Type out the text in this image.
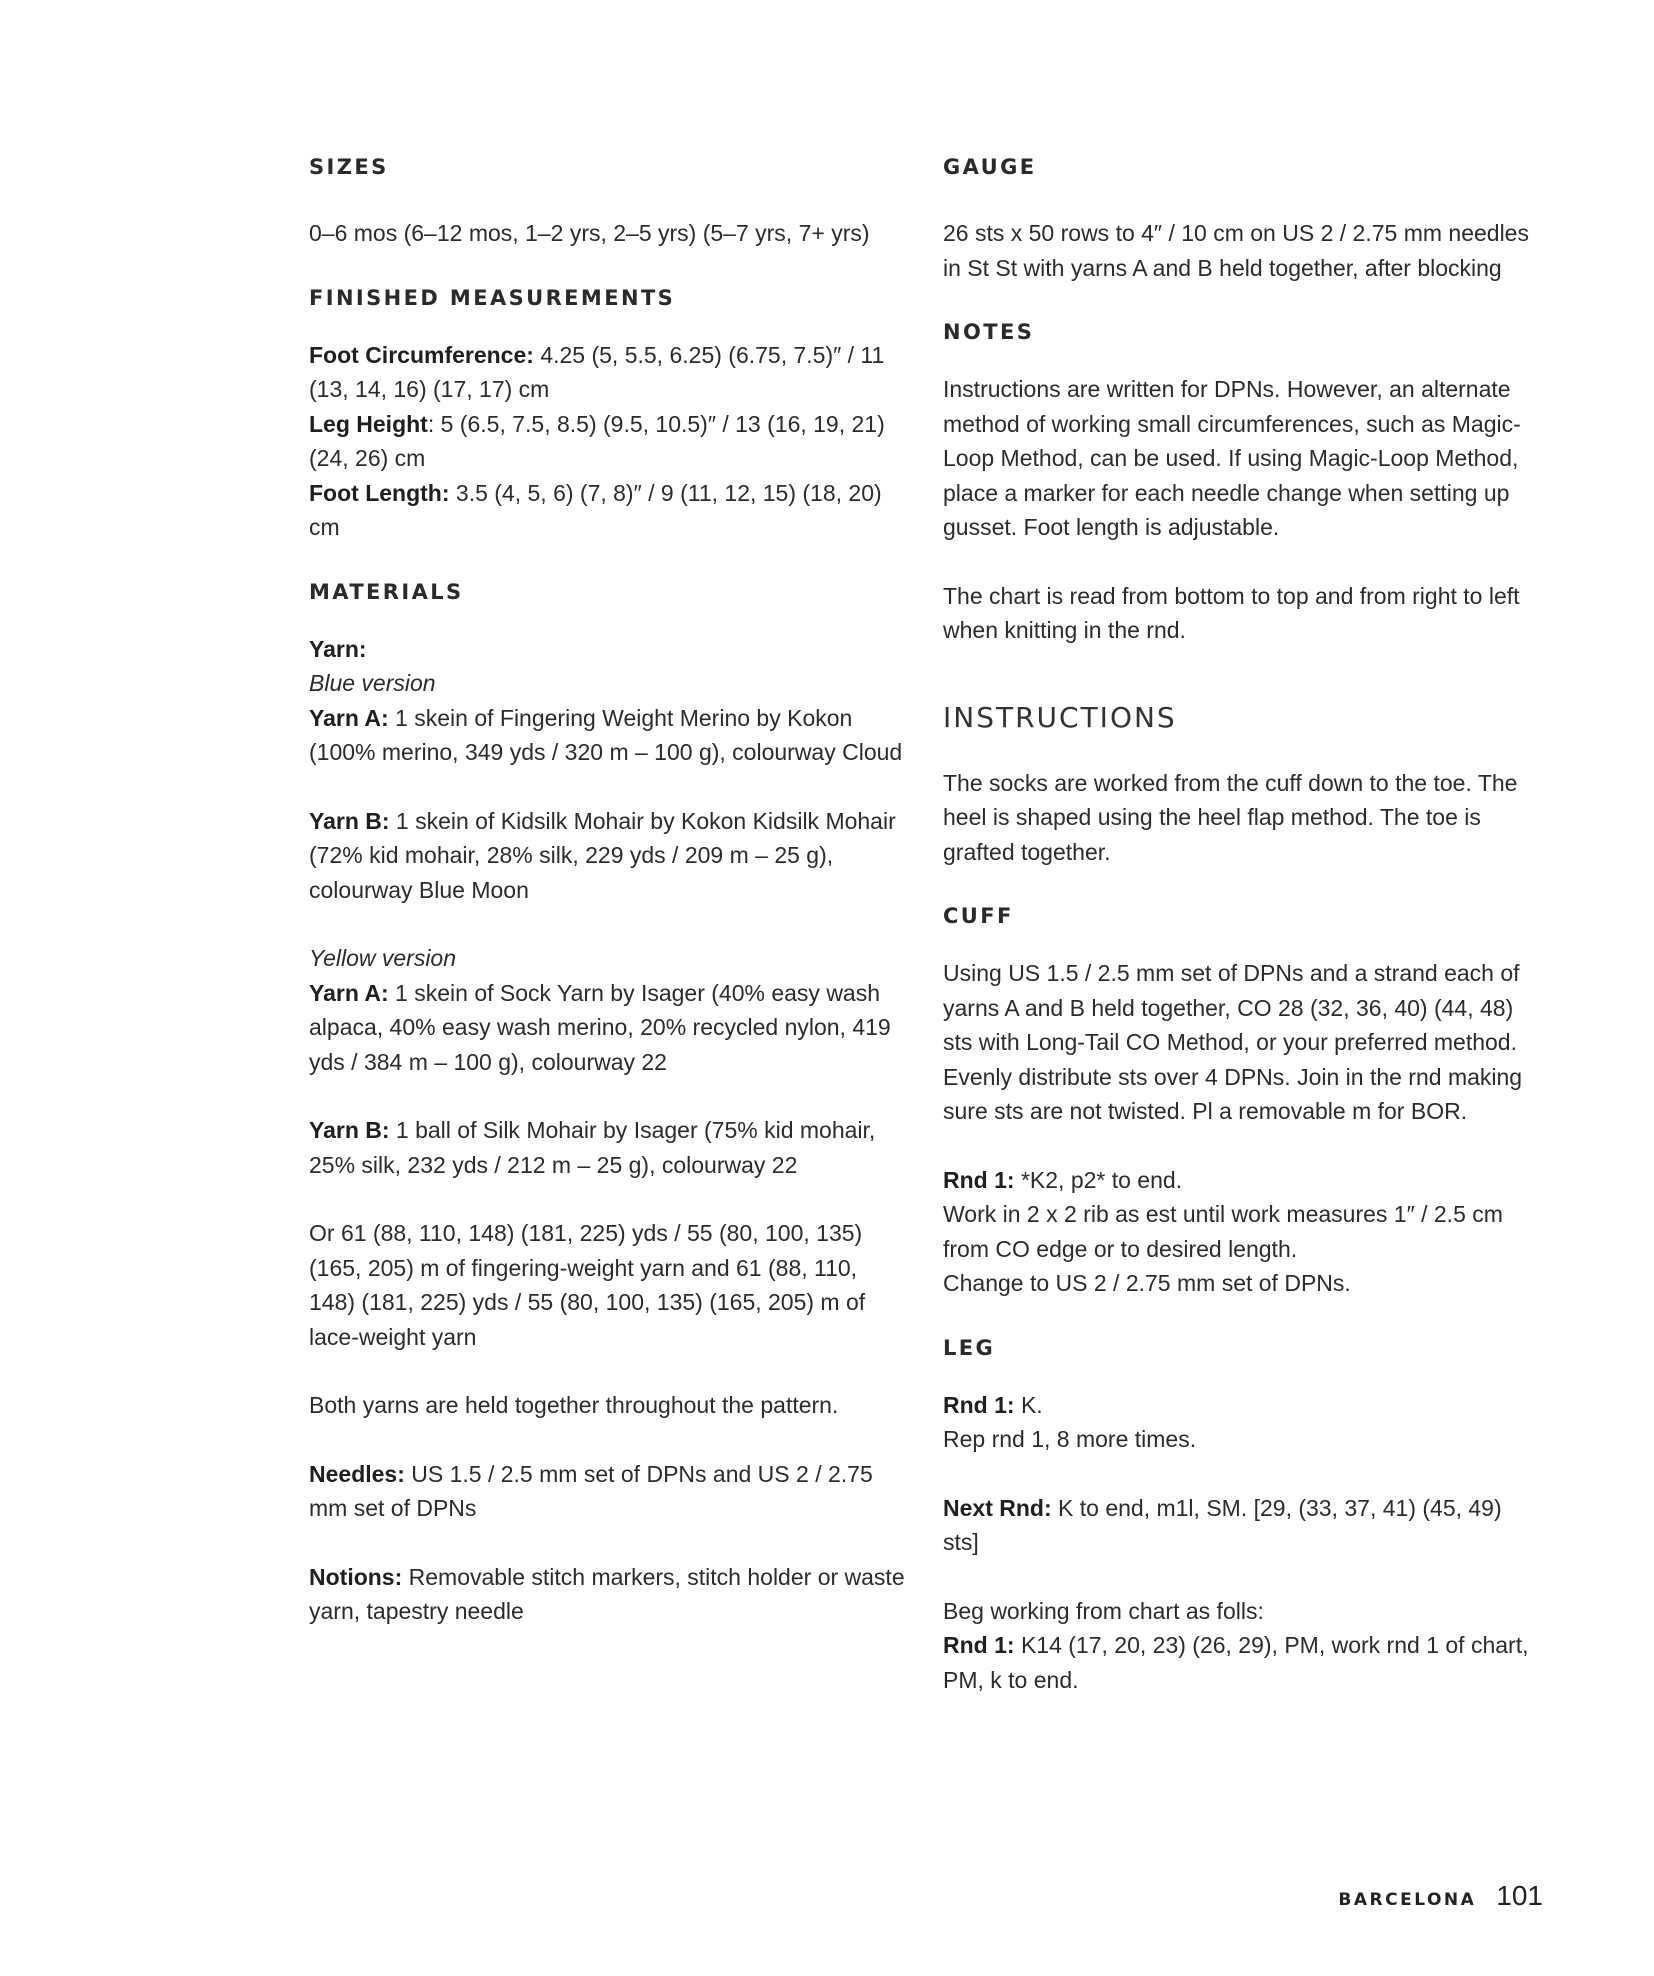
SIZES

0–6 mos (6–12 mos, 1–2 yrs, 2–5 yrs) (5–7 yrs, 7+ yrs)

FINISHED MEASUREMENTS

Foot Circumference: 4.25 (5, 5.5, 6.25) (6.75, 7.5)″ / 11 (13, 14, 16) (17, 17) cm

Leg Height: 5 (6.5, 7.5, 8.5) (9.5, 10.5)″ / 13 (16, 19, 21) (24, 26) cm

Foot Length: 3.5 (4, 5, 6) (7, 8)″ / 9 (11, 12, 15) (18, 20) cm

MATERIALS

Yarn:

Blue version

Yarn A: 1 skein of Fingering Weight Merino by Kokon (100% merino, 349 yds / 320 m – 100 g), colourway Cloud

Yarn B: 1 skein of Kidsilk Mohair by Kokon Kidsilk Mohair (72% kid mohair, 28% silk, 229 yds / 209 m – 25 g), colourway Blue Moon

Yellow version

Yarn A: 1 skein of Sock Yarn by Isager (40% easy wash alpaca, 40% easy wash merino, 20% recycled nylon, 419 yds / 384 m – 100 g), colourway 22

Yarn B: 1 ball of Silk Mohair by Isager (75% kid mohair, 25% silk, 232 yds / 212 m – 25 g), colourway 22

Or 61 (88, 110, 148) (181, 225) yds / 55 (80, 100, 135) (165, 205) m of fingering-weight yarn and 61 (88, 110, 148) (181, 225) yds / 55 (80, 100, 135) (165, 205) m of lace-weight yarn

Both yarns are held together throughout the pattern.

Needles: US 1.5 / 2.5 mm set of DPNs and US 2 / 2.75 mm set of DPNs

Notions: Removable stitch markers, stitch holder or waste yarn, tapestry needle

GAUGE

26 sts x 50 rows to 4″ / 10 cm on US 2 / 2.75 mm needles in St St with yarns A and B held together, after blocking

NOTES

Instructions are written for DPNs. However, an alternate method of working small circumferences, such as Magic-Loop Method, can be used. If using Magic-Loop Method, place a marker for each needle change when setting up gusset. Foot length is adjustable.

The chart is read from bottom to top and from right to left when knitting in the rnd.

INSTRUCTIONS

The socks are worked from the cuff down to the toe. The heel is shaped using the heel flap method. The toe is grafted together.

CUFF

Using US 1.5 / 2.5 mm set of DPNs and a strand each of yarns A and B held together, CO 28 (32, 36, 40) (44, 48) sts with Long-Tail CO Method, or your preferred method. Evenly distribute sts over 4 DPNs. Join in the rnd making sure sts are not twisted. Pl a removable m for BOR.

Rnd 1: *K2, p2* to end.

Work in 2 x 2 rib as est until work measures 1″ / 2.5 cm from CO edge or to desired length.

Change to US 2 / 2.75 mm set of DPNs.

LEG

Rnd 1: K.

Rep rnd 1, 8 more times.

Next Rnd: K to end, m1l, SM. [29, (33, 37, 41) (45, 49) sts]

Beg working from chart as folls:

Rnd 1: K14 (17, 20, 23) (26, 29), PM, work rnd 1 of chart, PM, k to end.

BARCELONA 101
